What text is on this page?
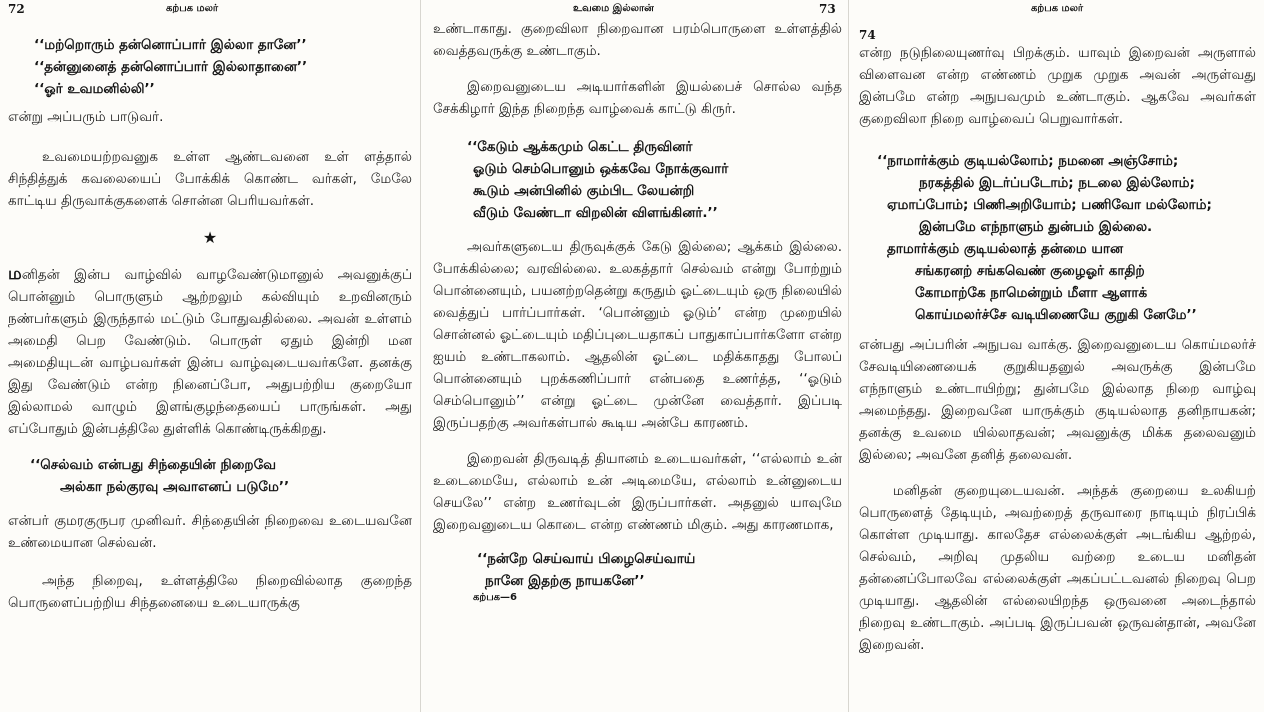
72	கற்பக மலர்
‘‘மற்றொரும் தன்னொப்பார் இல்லா தானே’’
‘‘தன்னுனைத் தன்னொப்பார் இல்லாதானை’’
‘‘ஓர் உவமனில்லி’’

என்று அப்பரும் பாடுவர்.

உவமையற்றவனுக உள்ள ஆண்டவனை உள் ளத்தால் சிந்தித்துக் கவலையைப் போக்கிக் கொண்ட வர்கள், மேலே காட்டிய திருவாக்குகளைக் சொன்ன பெரியவர்கள்.

★

மனிதன் இன்ப வாழ்வில் வாழவேண்டுமானுல் அவனுக்குப் பொன்னும் பொருளும் ஆற்றலும் கல்வியும் உறவினரும் நண்பர்களும் இருந்தால் மட்டும் போதுவதில்லை. அவன் உள்ளம் அமைதி பெற வேண்டும். பொருள் ஏதும் இன்றி மன அமைதியுடன் வாழ்பவர்கள் இன்ப வாழ்வுடையவர்களே. தனக்கு இது வேண்டும் என்ற நினைப்போ, அதுபற்றிய குறையோ இல்லாமல் வாழும் இளங்குழந்தையைப் பாருங்கள். அது எப்போதும் இன்பத்திலே துள்ளிக் கொண்டிருக்கிறது.

‘‘செல்வம் என்பது சிந்தையின் நிறைவே
அல்கா நல்குரவு அவாஎனப் படுமே’’

என்பர் குமரகுருபர முனிவர். சிந்தையின் நிறைவை உடையவனே உண்மையான செல்வன்.

அந்த நிறைவு, உள்ளத்திலே நிறைவில்லாத குறைந்த பொருளைப்பற்றிய சிந்தனையை உடையாருக்கு

உவமை இல்லான்	73

உண்டாகாது. குறைவிலா நிறைவான பரம்பொருளை உள்ளத்தில் வைத்தவருக்கு உண்டாகும்.

இறைவனுடைய அடியார்களின் இயல்பைச் சொல்ல வந்த சேக்கிழார் இந்த நிறைந்த வாழ்வைக் காட்டு கிருர்.

‘‘கேடும் ஆக்கமும் கெட்ட திருவினர்
ஓடும் செம்பொனும் ஒக்கவே நோக்குவார்
கூடும் அன்பினில் கும்பிட லேயன்றி
வீடும் வேண்டா விறலின் விளங்கினர்.’’

அவர்களுடைய திருவுக்குக் கேடு இல்லை; ஆக்கம் இல்லை. போக்கில்லை; வரவில்லை. உலகத்தார் செல்வம் என்று போற்றும் பொன்னையும், பயனற்றதென்று கருதும் ஓட்டையும் ஒரு நிலையில் வைத்துப் பார்ப்பார்கள். ‘பொன்னும் ஓடும்’ என்ற முறையில் சொன்னல் ஓட்டையும் மதிப்புடையதாகப் பாதுகாப்பார்களோ என்ற ஐயம் உண்டாகலாம். ஆதலின் ஓட்டை மதிக்காதது போலப் பொன்னையும் புறக்கணிப்பார் என்பதை உணர்த்த, ‘‘ஓடும் செம்பொனும்’’ என்று ஓட்டை முன்னே வைத்தார். இப்படி இருப்பதற்கு அவர்கள்பால் கூடிய அன்பே காரணம்.

இறைவன் திருவடித் தியானம் உடையவர்கள், ‘‘எல்லாம் உன் உடைமையே, எல்லாம் உன் அடிமையே, எல்லாம் உன்னுடைய செயலே’’ என்ற உணர்வுடன் இருப்பார்கள். அதனுல் யாவுமே இறைவனுடைய கொடை என்ற எண்ணம் மிகும். அது காரணமாக,

‘‘நன்றே செய்வாய் பிழைசெய்வாய்
நானே இதற்கு நாயகனே’’
கற்பக—6
74
கற்பக மலர்

என்ற நடுநிலையுணர்வு பிறக்கும். யாவும் இறைவன் அருளால் விளைவன என்ற எண்ணம் முறுக முறுக அவன் அருள்வது இன்பமே என்ற அநுபவமும் உண்டாகும். ஆகவே அவர்கள் குறைவிலா நிறை வாழ்வைப் பெறுவார்கள்.

‘‘நாமார்க்கும் குடியல்லோம்; நமனை அஞ்சோம்;
நரகத்தில் இடர்ப்படோம்; நடலை இல்லோம்;
ஏமாப்போம்; பிணிஅறியோம்; பணிவோ மல்லோம்;
இன்பமே எந்நாளும் துன்பம் இல்லை.
தாமார்க்கும் குடியல்லாத் தன்மை யான
சங்கரனற் சங்கவெண் குழைஓர் காதிற்
கோமாற்கே நாமென்றும் மீளா ஆளாக்
கொய்மலர்ச்சே வடியிணையே குறுகி னேமே’’

என்பது அப்பரின் அநுபவ வாக்கு. இறைவனுடைய கொய்மலர்ச் சேவடியிணையைக் குறுகியதனுல் அவருக்கு இன்பமே எந்நாளும் உண்டாயிற்று; துன்பமே இல்லாத நிறை வாழ்வு அமைந்தது. இறைவனே யாருக்கும் குடியல்லாத தனிநாயகன்; தனக்கு உவமை யில்லாதவன்; அவனுக்கு மிக்க தலைவனும் இல்லை; அவனே தனித் தலைவன்.

மனிதன் குறையுடையவன். அந்தக் குறையை உலகியற் பொருளைத் தேடியும், அவற்றைத் தருவாரை நாடியும் நிரப்பிக் கொள்ள முடியாது. காலதேச எல்லைக்குள் அடங்கிய ஆற்றல், செல்வம், அறிவு முதலிய வற்றை உடைய மனிதன் தன்னைப்போலவே எல்லைக்குள் அகப்பட்டவனல் நிறைவு பெற முடியாது. ஆதலின் எல்லையிறந்த ஒருவனை அடைந்தால் நிறைவு உண்டாகும். அப்படி இருப்பவன் ஒருவன்தான், அவனே இறைவன்.
